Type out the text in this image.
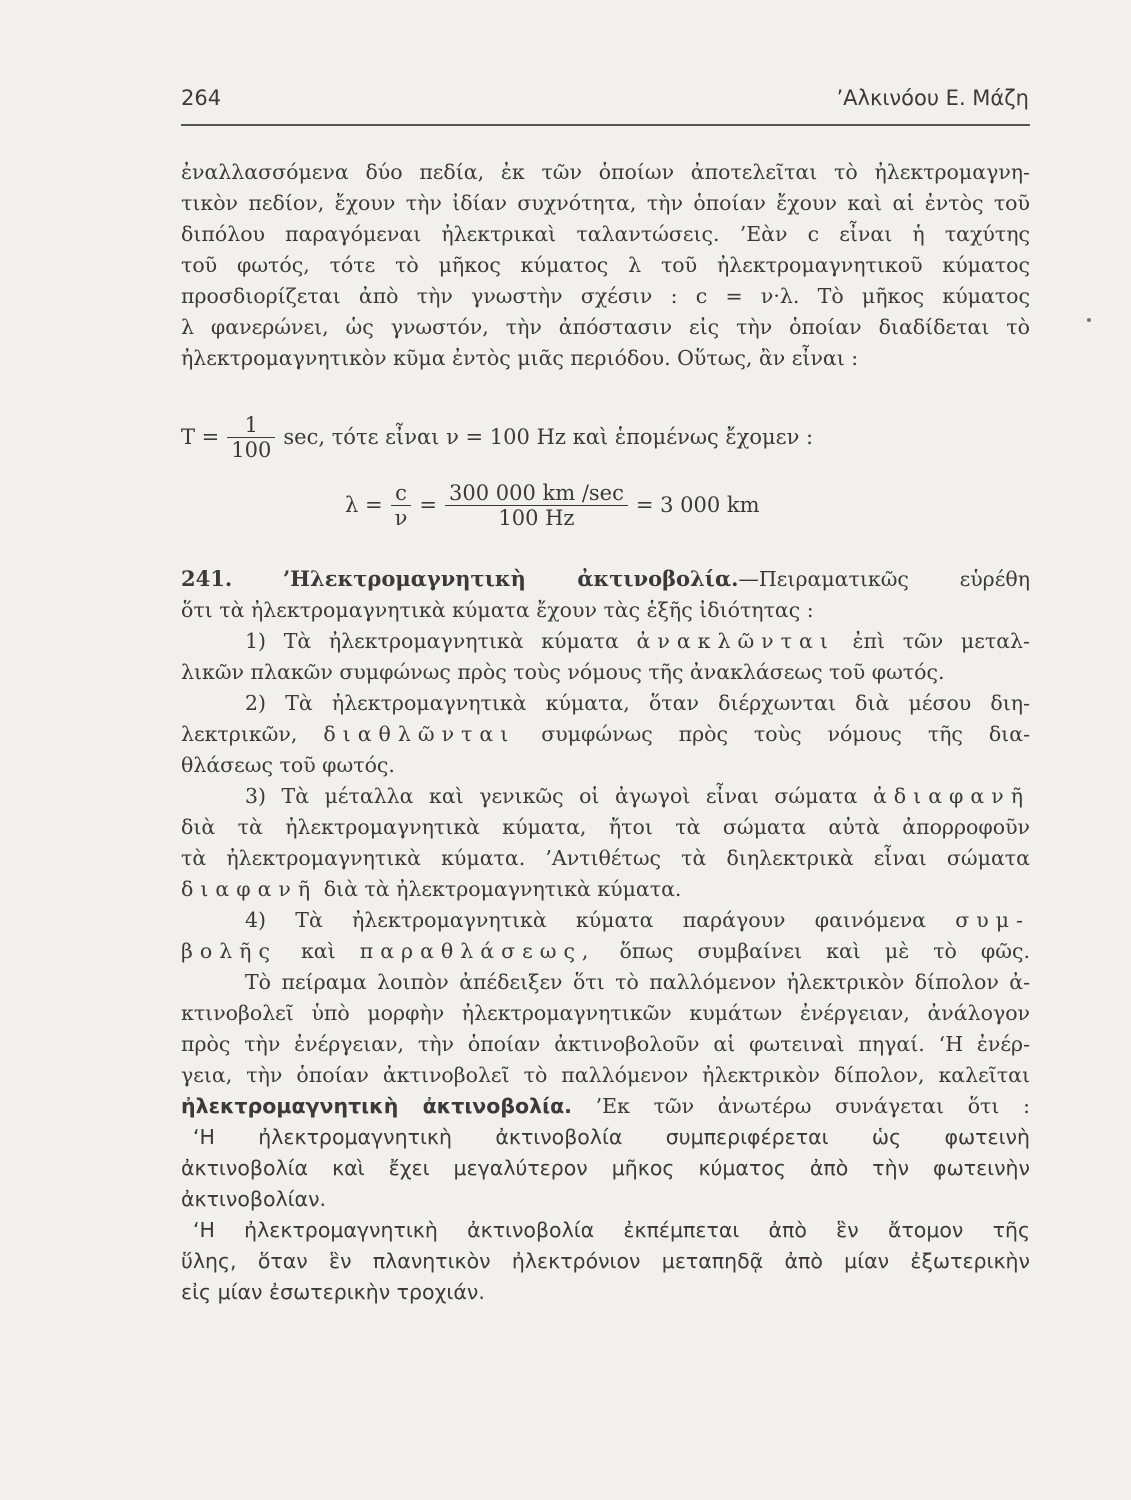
264	’Αλκινόου Ε. Μάζη
ἐναλλασσόμενα δύο πεδία, ἐκ τῶν ὁποίων ἀποτελεῖται τὸ ἠλεκτρομαγνη-
τικὸν πεδίον, ἔχουν τὴν ἰδίαν συχνότητα, τὴν ὁποίαν ἔχουν καὶ αἱ ἐντὸς τοῦ
διπόλου παραγόμεναι ἠλεκτρικαὶ ταλαντώσεις. ’Εὰν c εἶναι ἡ ταχύτης
τοῦ φωτός, τότε τὸ μῆκος κύματος λ τοῦ ἠλεκτρομαγνητικοῦ κύματος
προσδιορίζεται ἀπὸ τὴν γνωστὴν σχέσιν : c = ν·λ. Τὸ μῆκος κύματος
λ φανερώνει, ὡς γνωστόν, τὴν ἀπόστασιν εἰς τὴν ὁποίαν διαδίδεται τὸ
ἠλεκτρομαγνητικὸν κῦμα ἐντὸς μιᾶς περιόδου. Οὕτως, ἂν εἶναι :
$T = \frac{1}{100} \sec$, τότε εἶναι ν = 100 Hz καὶ ἑπομένως ἔχομεν :
$\lambda = \frac{c}{\nu} = \frac{300 000 km /\sec}{100 Hz} = 3$ 000 km
241. ’Ηλεκτρομαγνητικὴ ἀκτινοβολία.—Πειραματικῶς εὑρέθη
ὅτι τὰ ἠλεκτρομαγνητικὰ κύματα ἔχουν τὰς ἑξῆς ἰδιότητας :
1) Τὰ ἠλεκτρομαγνητικὰ κύματα ἀνακλῶνται ἐπὶ τῶν μεταλ-
λικῶν πλακῶν συμφώνως πρὸς τοὺς νόμους τῆς ἀνακλάσεως τοῦ φωτός.
2) Τὰ ἠλεκτρομαγνητικὰ κύματα, ὅταν διέρχωνται διὰ μέσου διη-
λεκτρικῶν, διαθλῶνται συμφώνως πρὸς τοὺς νόμους τῆς δια-
θλάσεως τοῦ φωτός.
3) Τὰ μέταλλα καὶ γενικῶς οἱ ἀγωγοὶ εἶναι σώματα ἀδιαφανῆ
διὰ τὰ ἠλεκτρομαγνητικὰ κύματα, ἤτοι τὰ σώματα αὐτὰ ἀπορροφοῦν
τὰ ἠλεκτρομαγνητικὰ κύματα. ’Αντιθέτως τὰ διηλεκτρικὰ εἶναι σώματα
διαφανῆ διὰ τὰ ἠλεκτρομαγνητικὰ κύματα.
4) Τὰ ἠλεκτρομαγνητικὰ κύματα παράγουν φαινόμενα συμ-
βολῆς καὶ παραθλάσεως, ὅπως συμβαίνει καὶ μὲ τὸ φῶς.
Τὸ πείραμα λοιπὸν ἀπέδειξεν ὅτι τὸ παλλόμενον ἠλεκτρικὸν δίπολον ἀ-
κτινοβολεῖ ὑπὸ μορφὴν ἠλεκτρομαγνητικῶν κυμάτων ἐνέργειαν, ἀνάλογον
πρὸς τὴν ἐνέργειαν, τὴν ὁποίαν ἀκτινοβολοῦν αἱ φωτειναὶ πηγαί. ‘Η ἐνέρ-
γεια, τὴν ὁποίαν ἀκτινοβολεῖ τὸ παλλόμενον ἠλεκτρικὸν δίπολον, καλεῖται
ἠλεκτρομαγνητικὴ ἀκτινοβολία. ’Εκ τῶν ἀνωτέρω συνάγεται ὅτι :
‘Η ἠλεκτρομαγνητικὴ ἀκτινοβολία συμπεριφέρεται ὡς φωτεινὴ
ἀκτινοβολία καὶ ἔχει μεγαλύτερον μῆκος κύματος ἀπὸ τὴν φωτεινὴν
ἀκτινοβολίαν.
‘Η ἠλεκτρομαγνητικὴ ἀκτινοβολία ἐκπέμπεται ἀπὸ ἓν ἄτομον τῆς
ὕλης, ὅταν ἓν πλανητικὸν ἠλεκτρόνιον μεταπηδᾷ ἀπὸ μίαν ἐξωτερικὴν
εἰς μίαν ἐσωτερικὴν τροχιάν.
